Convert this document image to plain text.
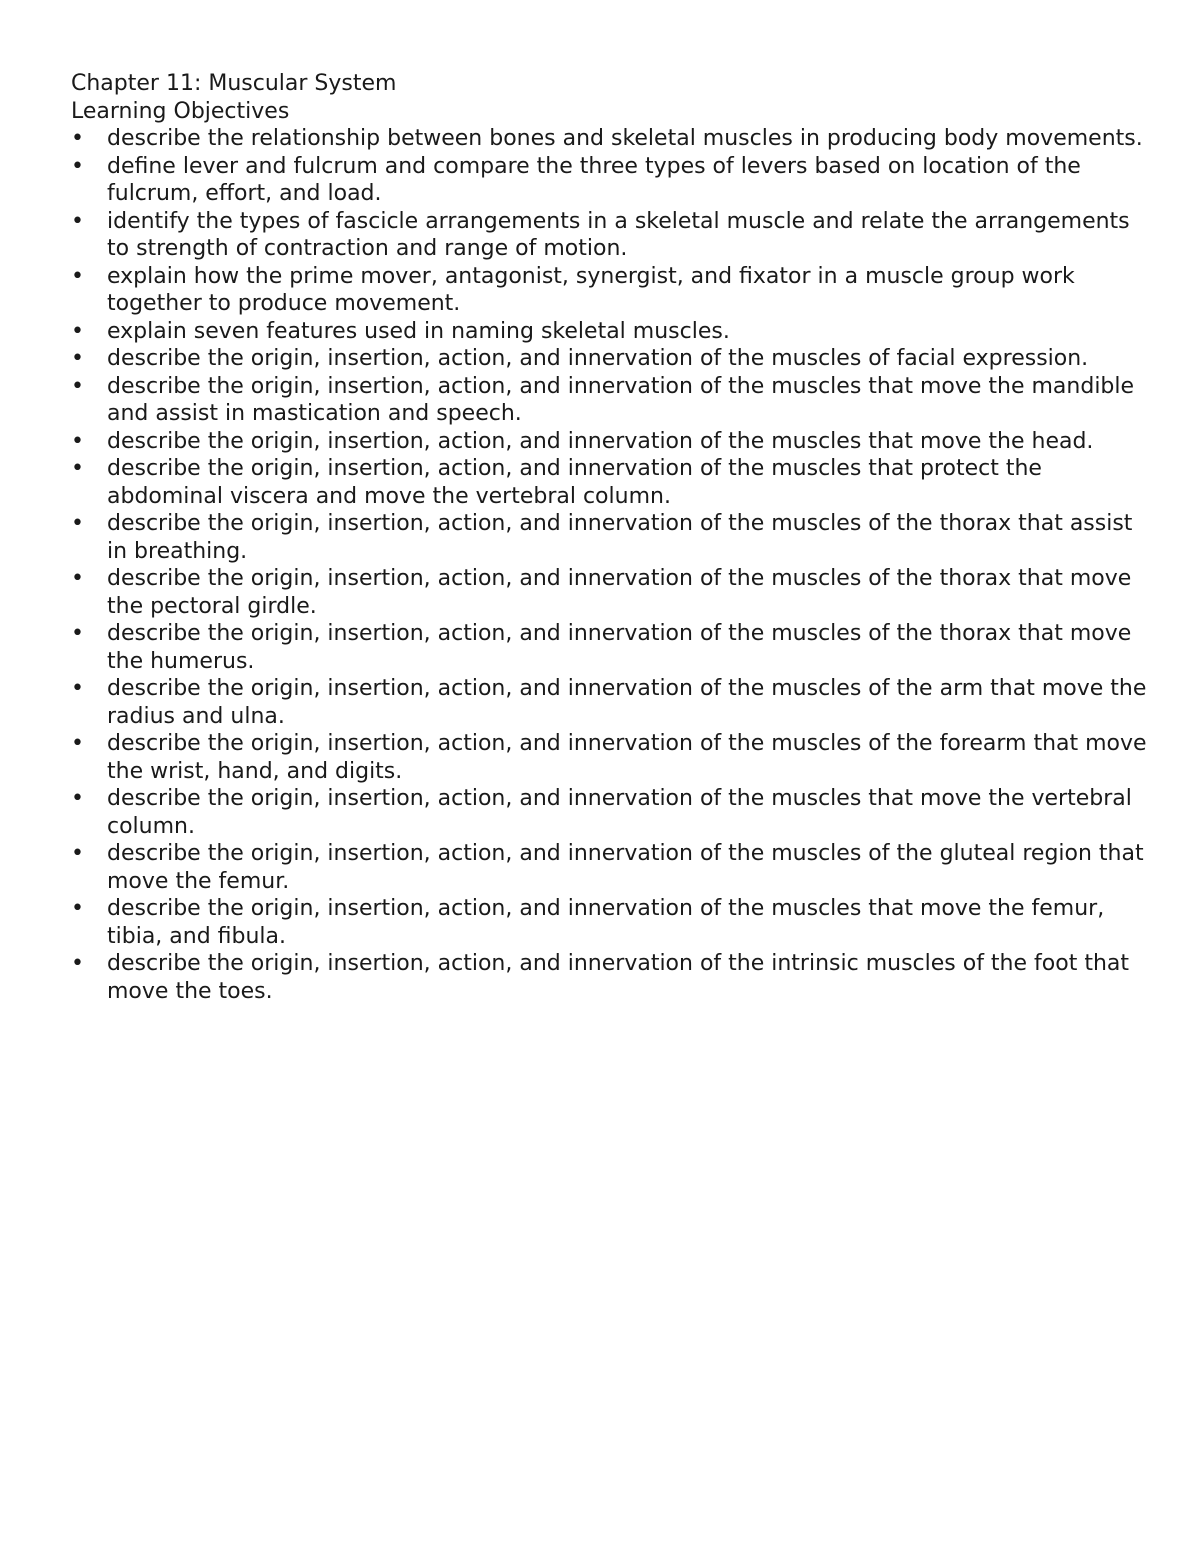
Chapter 11: Muscular System
Learning Objectives
•	describe the relationship between bones and skeletal muscles in producing body movements.
•	define lever and fulcrum and compare the three types of levers based on location of the fulcrum, effort, and load.
•	identify the types of fascicle arrangements in a skeletal muscle and relate the arrangements to strength of contraction and range of motion.
•	explain how the prime mover, antagonist, synergist, and fixator in a muscle group work together to produce movement.
•	explain seven features used in naming skeletal muscles.
•	describe the origin, insertion, action, and innervation of the muscles of facial expression.
•	describe the origin, insertion, action, and innervation of the muscles that move the mandible and assist in mastication and speech.
•	describe the origin, insertion, action, and innervation of the muscles that move the head.
•	describe the origin, insertion, action, and innervation of the muscles that protect the abdominal viscera and move the vertebral column.
•	describe the origin, insertion, action, and innervation of the muscles of the thorax that assist in breathing.
•	describe the origin, insertion, action, and innervation of the muscles of the thorax that move the pectoral girdle.
•	describe the origin, insertion, action, and innervation of the muscles of the thorax that move the humerus.
•	describe the origin, insertion, action, and innervation of the muscles of the arm that move the radius and ulna.
•	describe the origin, insertion, action, and innervation of the muscles of the forearm that move the wrist, hand, and digits.
•	describe the origin, insertion, action, and innervation of the muscles that move the vertebral column.
•	describe the origin, insertion, action, and innervation of the muscles of the gluteal region that move the femur.
•	describe the origin, insertion, action, and innervation of the muscles that move the femur, tibia, and fibula.
•	describe the origin, insertion, action, and innervation of the intrinsic muscles of the foot that move the toes.
